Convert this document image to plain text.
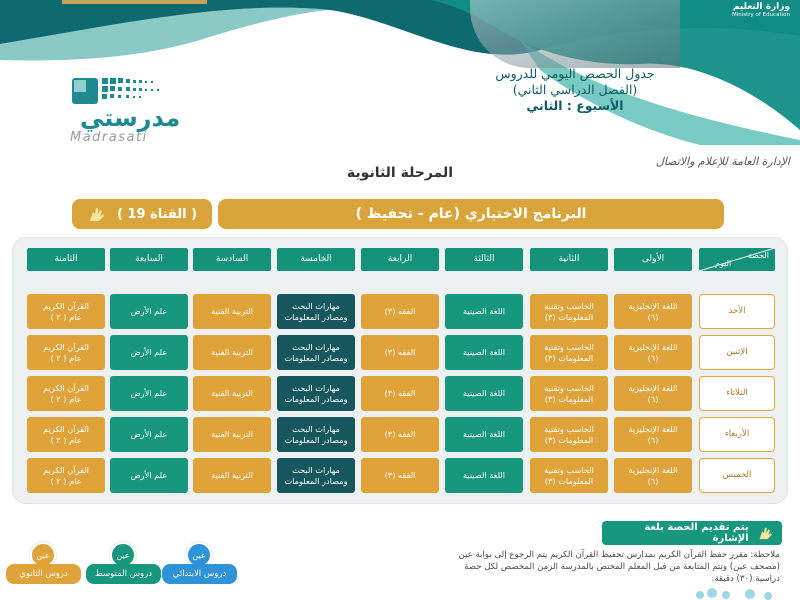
وزارة التعليم
Ministry of Education
جدول الحصص اليومي للدروس
(الفصل الدراسي الثاني)
الأسبوع : الثاني
مدرستي
Madrasati
الإدارة العامة للإعلام والاتصال
المرحلة الثانوية
البرنامج الاختياري (عام - تحفيظ )
( القناة 19 )
الحصة
اليوم
الأولى
الثانية
الثالثة
الرابعة
الخامسة
السادسة
السابعة
الثامنة
الأحد
اللغة الإنجليزية
(٦)
الحاسب وتقنية
المعلومات (٣)
اللغة الصينية
الفقه (٣)
مهارات البحث
ومصادر المعلومات
التربية الفنية
علم الأرض
القرآن الكريم
عام ( ٢ )
الإثنين
اللغة الإنجليزية
(٦)
الحاسب وتقنية
المعلومات (٣)
اللغة الصينية
الفقه (٣)
مهارات البحث
ومصادر المعلومات
التربية الفنية
علم الأرض
القرآن الكريم
عام ( ٢ )
الثلاثاء
اللغة الإنجليزية
(٦)
الحاسب وتقنية
المعلومات (٣)
اللغة الصينية
الفقه (٣)
مهارات البحث
ومصادر المعلومات
التربية الفنية
علم الأرض
القرآن الكريم
عام ( ٢ )
الأربعاء
اللغة الإنجليزية
(٦)
الحاسب وتقنية
المعلومات (٣)
اللغة الصينية
الفقه (٣)
مهارات البحث
ومصادر المعلومات
التربية الفنية
علم الأرض
القرآن الكريم
عام ( ٢ )
الخميس
اللغة الإنجليزية
(٦)
الحاسب وتقنية
المعلومات (٣)
اللغة الصينية
الفقه (٣)
مهارات البحث
ومصادر المعلومات
التربية الفنية
علم الأرض
القرآن الكريم
عام ( ٢ )
يتم تقديم الحصة بلغة الإشارة
ملاحظة: مقرر حفظ القرآن الكريم بمدارس تحفيظ القرآن الكريم يتم الرجوع إلى بوابة عين (مصحف عين) وتتم المتابعة من قبل المعلم المختص بالمدرسة الزمن المخصص لكل حصة دراسية (٣٠) دقيقة.
عين
دروس الابتدائي
عين
دروس المتوسط
عين
دروس الثانوي
